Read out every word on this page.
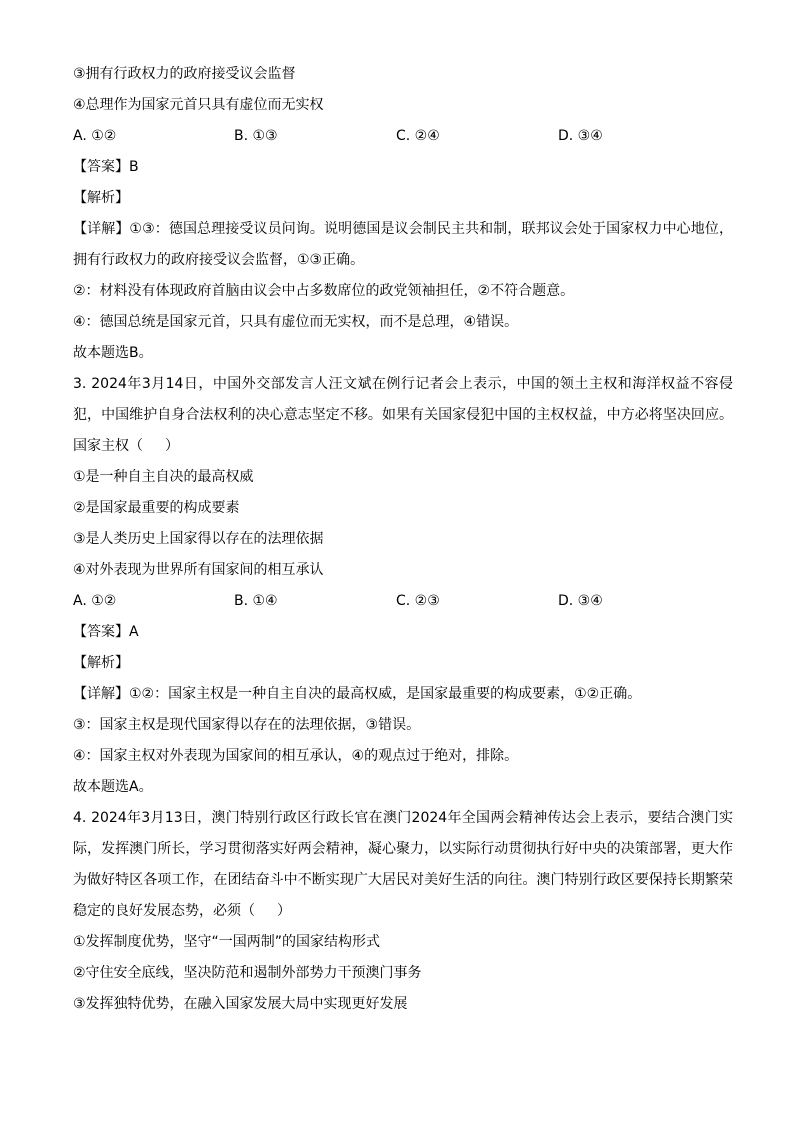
③拥有行政权力的政府接受议会监督
④总理作为国家元首只具有虚位而无实权
A. ①②	B. ①③	C. ②④	D. ③④
【答案】B
【解析】

【详解】①③：德国总理接受议员问询。说明德国是议会制民主共和制，联邦议会处于国家权力中心地位，拥有行政权力的政府接受议会监督，①③正确。

②：材料没有体现政府首脑由议会中占多数席位的政党领袖担任，②不符合题意。
④：德国总统是国家元首，只具有虚位而无实权，而不是总理，④错误。
故本题选B。

3. 2024年3月14日，中国外交部发言人汪文斌在例行记者会上表示，中国的领土主权和海洋权益不容侵犯，中国维护自身合法权利的决心意志坚定不移。如果有关国家侵犯中国的主权权益，中方必将坚决回应。国家主权（ ）

①是一种自主自决的最高权威
②是国家最重要的构成要素
③是人类历史上国家得以存在的法理依据
④对外表现为世界所有国家间的相互承认
A. ①②	B. ①④	C. ②③	D. ③④
【答案】A
【解析】
【详解】①②：国家主权是一种自主自决的最高权威，是国家最重要的构成要素，①②正确。
③：国家主权是现代国家得以存在的法理依据，③错误。
④：国家主权对外表现为国家间的相互承认，④的观点过于绝对，排除。
故本题选A。

4. 2024年3月13日，澳门特别行政区行政长官在澳门2024年全国两会精神传达会上表示，要结合澳门实际，发挥澳门所长，学习贯彻落实好两会精神，凝心聚力，以实际行动贯彻执行好中央的决策部署，更大作为做好特区各项工作，在团结奋斗中不断实现广大居民对美好生活的向往。澳门特别行政区要保持长期繁荣稳定的良好发展态势，必须（ ）

①发挥制度优势，坚守“一国两制”的国家结构形式
②守住安全底线，坚决防范和遏制外部势力干预澳门事务
③发挥独特优势，在融入国家发展大局中实现更好发展
